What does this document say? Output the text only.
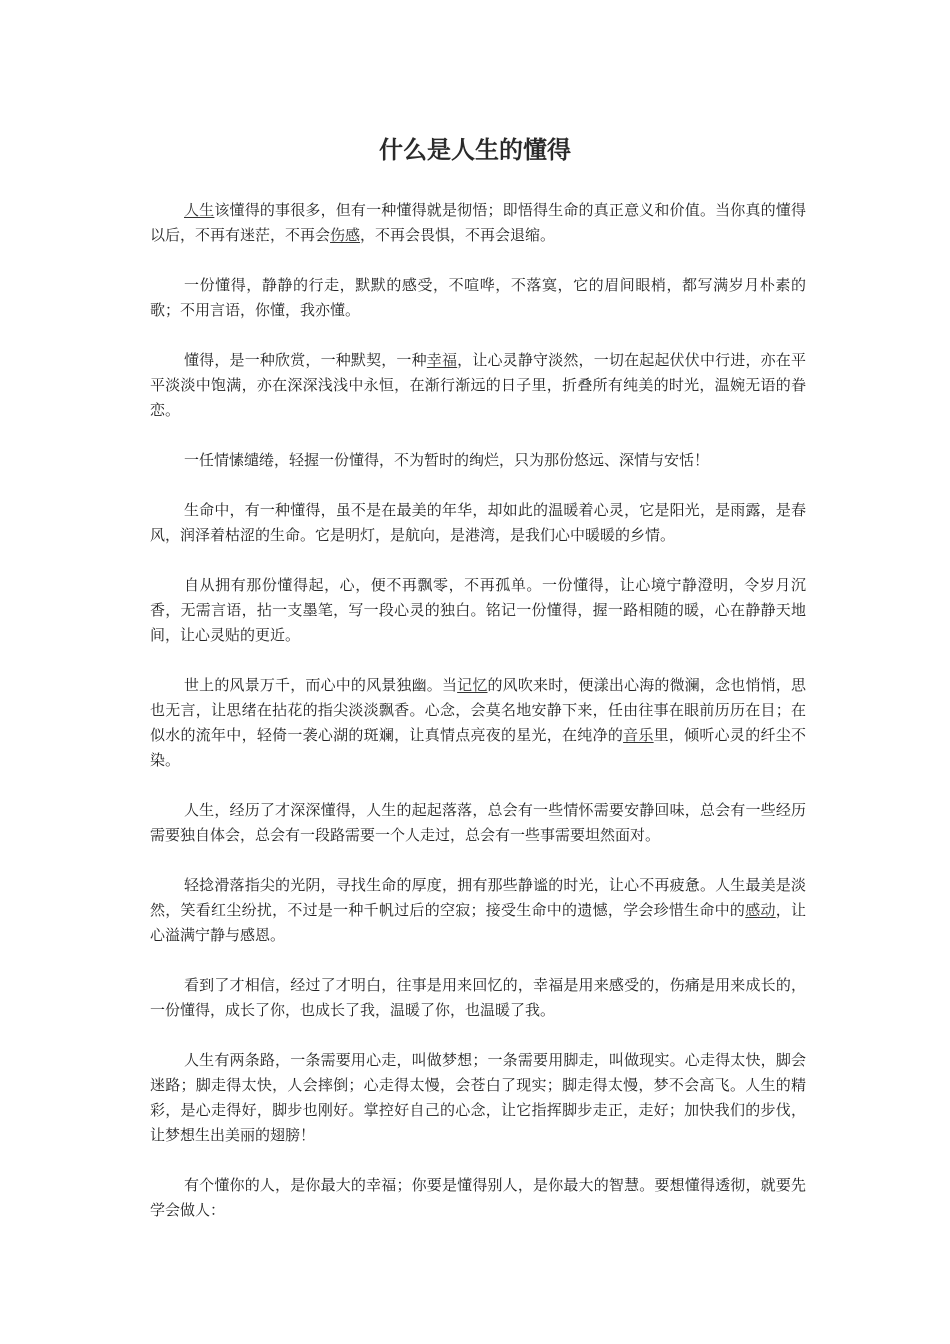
什么是人生的懂得

人生该懂得的事很多，但有一种懂得就是彻悟；即悟得生命的真正意义和价值。当你真的懂得以后，不再有迷茫，不再会伤感，不再会畏惧，不再会退缩。

一份懂得，静静的行走，默默的感受，不喧哗，不落寞，它的眉间眼梢，都写满岁月朴素的歌；不用言语，你懂，我亦懂。

懂得，是一种欣赏，一种默契，一种幸福，让心灵静守淡然，一切在起起伏伏中行进，亦在平平淡淡中饱满，亦在深深浅浅中永恒，在渐行渐远的日子里，折叠所有纯美的时光，温婉无语的眷恋。

一任情愫缱绻，轻握一份懂得，不为暂时的绚烂，只为那份悠远、深情与安恬！

生命中，有一种懂得，虽不是在最美的年华，却如此的温暖着心灵，它是阳光，是雨露，是春风，润泽着枯涩的生命。它是明灯，是航向，是港湾，是我们心中暖暖的乡情。

自从拥有那份懂得起，心，便不再飘零，不再孤单。一份懂得，让心境宁静澄明，令岁月沉香，无需言语，拈一支墨笔，写一段心灵的独白。铭记一份懂得，握一路相随的暖，心在静静天地间，让心灵贴的更近。

世上的风景万千，而心中的风景独幽。当记忆的风吹来时，便漾出心海的微澜，念也悄悄，思也无言，让思绪在拈花的指尖淡淡飘香。心念，会莫名地安静下来，任由往事在眼前历历在目；在似水的流年中，轻倚一袭心湖的斑斓，让真情点亮夜的星光，在纯净的音乐里，倾听心灵的纤尘不染。

人生，经历了才深深懂得，人生的起起落落，总会有一些情怀需要安静回味，总会有一些经历需要独自体会，总会有一段路需要一个人走过，总会有一些事需要坦然面对。

轻捻滑落指尖的光阴，寻找生命的厚度，拥有那些静谧的时光，让心不再疲惫。人生最美是淡然，笑看红尘纷扰，不过是一种千帆过后的空寂；接受生命中的遗憾，学会珍惜生命中的感动，让心溢满宁静与感恩。

看到了才相信，经过了才明白，往事是用来回忆的，幸福是用来感受的，伤痛是用来成长的，一份懂得，成长了你，也成长了我，温暖了你，也温暖了我。

人生有两条路，一条需要用心走，叫做梦想；一条需要用脚走，叫做现实。心走得太快，脚会迷路；脚走得太快，人会摔倒；心走得太慢，会苍白了现实；脚走得太慢，梦不会高飞。人生的精彩，是心走得好，脚步也刚好。掌控好自己的心念，让它指挥脚步走正，走好；加快我们的步伐，让梦想生出美丽的翅膀！

有个懂你的人，是你最大的幸福；你要是懂得别人，是你最大的智慧。要想懂得透彻，就要先学会做人：
